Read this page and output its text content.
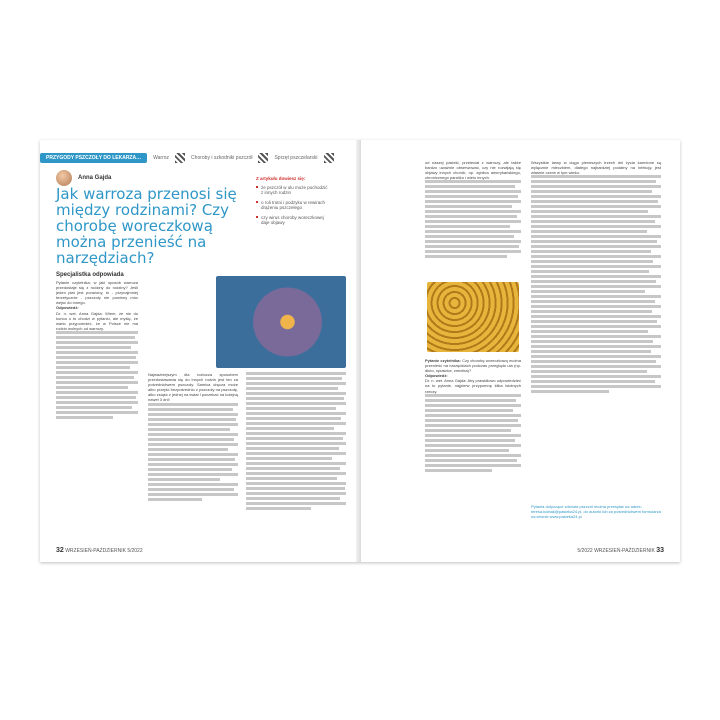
PRZYGODY PSZCZOŁY DO LEKARZA…	Warroz	Choroby i szkodniki pszczół	Sprzęt pszczelarski
Anna Gajda
Jak warroza przenosi się między rodzinami? Czy chorobę woreczkową można przenieść na narzędziach?
Specjalistka odpowiada
Z artykułu dowiesz się:
że pszczół w ulu może pochodzić z innych rodzin
o roli trutni i podzyku w rewirach drążeniu pszczelego
czy wirus choroby woreczkowej daje objawy

Pytanie czytelnika: w jaki sposób warroza przedostaje się z rodziny do rodziny? Jeśli jeden płat jest porażony, to - przynajmniej teoretycznie - pszczoły nie powinny móc wejść do innego.

Odpowiedź:

Dr. n. wet. Anna Gajda: Wiem, że nie do końca o to chodzi w pytaniu, ale myślę, że warto przypomnieć, że w Polsce nie ma rodzin wolnych od warrozy.

Najważniejszym dla roztocza sposobem przedostawania się do innych rodzin jest ten za pośrednictwem pszczoły. Samica dręcza może albo przejść bezpośrednio z pszczoły na pszczołę, albo zsiąść z jednej na kwiat i poczekać na kolejną nawet 3 dni!

32 WRZESIEŃ-PAŹDZIERNIK 5/2022

od naszej pasieki, przeleciał z warrozy, ale także bardzo uważnie obserwować, czy nie rozwijają się objawy innych chorób, np. zgnilca amerykańskiego, chronicznego paraliżu i wielu innych.

Pytanie czytelnika: Czy chorobę woreczkową można przenieść na narzędziach podczas przeglądu ula (np. dłuto, rękawice, zmiotka)?

Odpowiedź:

Dr. n. wet. Anna Gajda: Aby prawidłowo odpowiedzieć na to pytanie, najpierw przypomnę kilka istotnych rzeczy.

Wszystkie larwy w ciągu pierwszych trzech dni życia karmione są wyłącznie mleczkiem, dlatego najbardziej podatny na infekcję jest właśnie czerw w tym wieku.

Pytania dotyczące zdrowia pszczół można przesyłać na adres: teresa.kobiak@pasieka24.pl, do autorki lub za pośrednictwem formularza na stronie www.pasieka24.pl
5/2022 WRZESIEŃ-PAŹDZIERNIK 33
